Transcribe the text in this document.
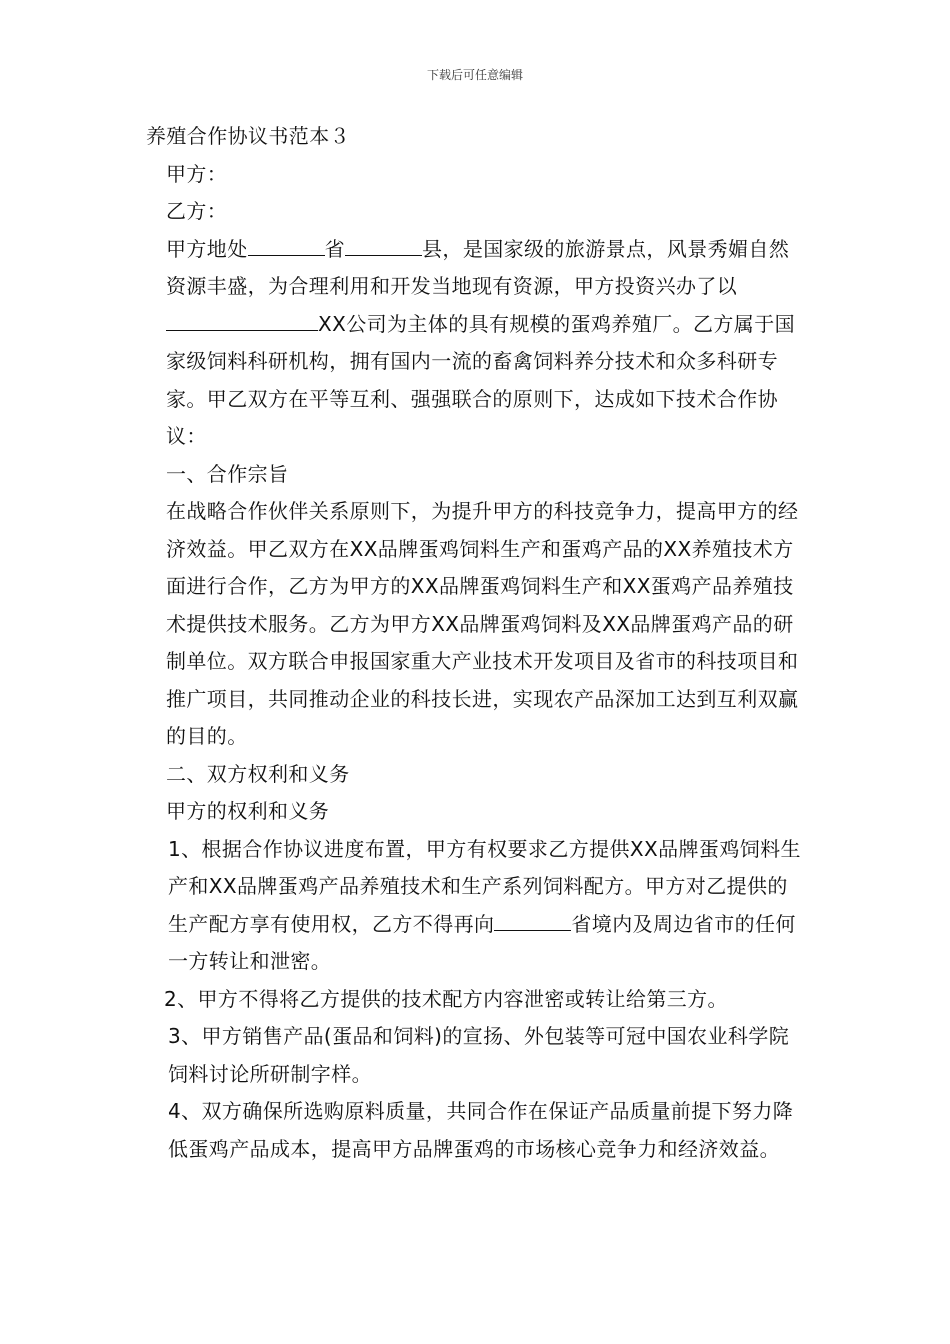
下载后可任意编辑

养殖合作协议书范本３

甲方：

乙方：

甲方地处	省	县，是国家级的旅游景点，风景秀媚自然资源丰盛，为合理利用和开发当地现有资源，甲方投资兴办了以XX公司为主体的具有规模的蛋鸡养殖厂。乙方属于国家级饲料科研机构，拥有国内一流的畜禽饲料养分技术和众多科研专家。甲乙双方在平等互利、强强联合的原则下，达成如下技术合作协议：

一、合作宗旨

在战略合作伙伴关系原则下，为提升甲方的科技竞争力，提高甲方的经济效益。甲乙双方在XX品牌蛋鸡饲料生产和蛋鸡产品的XX养殖技术方面进行合作，乙方为甲方的XX品牌蛋鸡饲料生产和XX蛋鸡产品养殖技术提供技术服务。乙方为甲方XX品牌蛋鸡饲料及XX品牌蛋鸡产品的研制单位。双方联合申报国家重大产业技术开发项目及省市的科技项目和推广项目，共同推动企业的科技长进，实现农产品深加工达到互利双赢的目的。

二、双方权利和义务

甲方的权利和义务

1、根据合作协议进度布置，甲方有权要求乙方提供XX品牌蛋鸡饲料生产和XX品牌蛋鸡产品养殖技术和生产系列饲料配方。甲方对乙提供的生产配方享有使用权，乙方不得再向	省境内及周边省市的任何一方转让和泄密。

2、甲方不得将乙方提供的技术配方内容泄密或转让给第三方。

3、甲方销售产品(蛋品和饲料)的宣扬、外包装等可冠中国农业科学院饲料讨论所研制字样。

4、双方确保所选购原料质量，共同合作在保证产品质量前提下努力降低蛋鸡产品成本，提高甲方品牌蛋鸡的市场核心竞争力和经济效益。
